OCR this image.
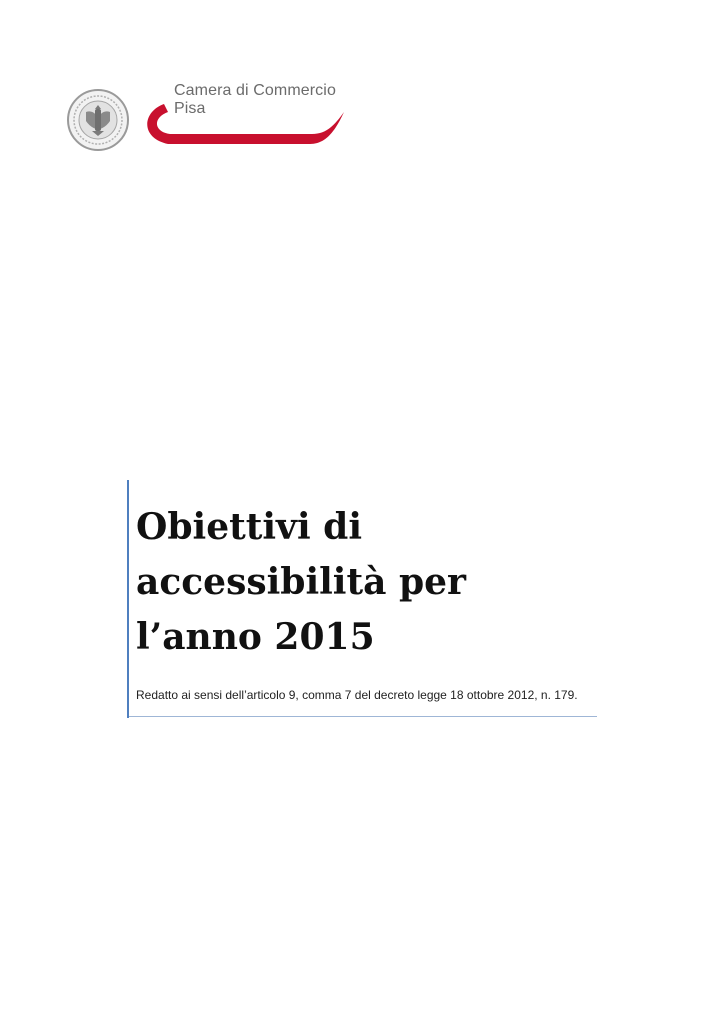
Camera di Commercio
Pisa
Obiettivi di
accessibilità per
l’anno 2015

Redatto ai sensi dell’articolo 9, comma 7 del decreto legge 18 ottobre 2012, n. 179.
